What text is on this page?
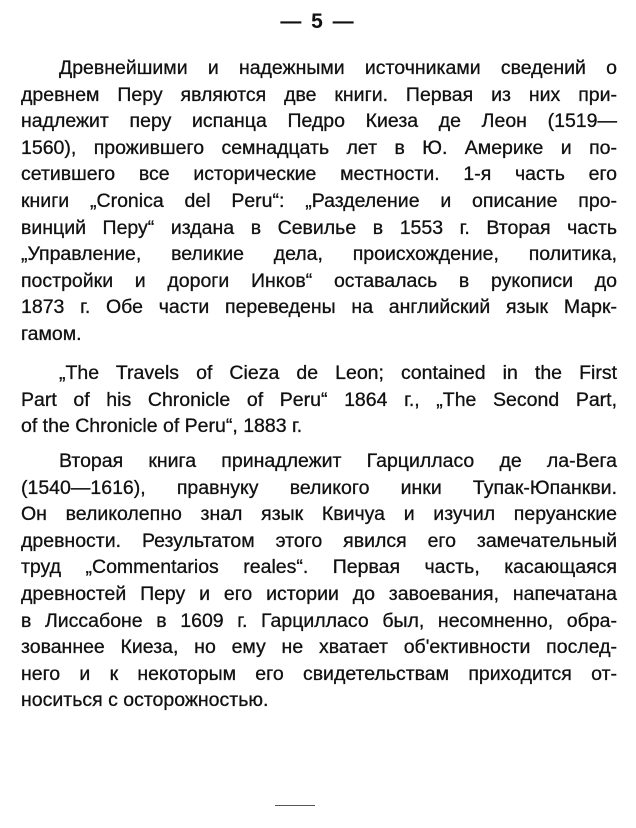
— 5 —
Древнейшими и надежными источниками сведений о
древнем Перу являются две книги. Первая из них при-
надлежит перу испанца Педро Киеза де Леон (1519—
1560), прожившего семнадцать лет в Ю. Америке и по-
сетившего все исторические местности. 1-я часть его
книги „Cronica del Peru“: „Разделение и описание про-
винций Перу“ издана в Севилье в 1553 г. Вторая часть
„Управление, великие дела, происхождение, политика,
постройки и дороги Инков“ оставалась в рукописи до
1873 г. Обе части переведены на английский язык Марк-
гамом.
„The Travels of Cieza de Leon; contained in the First
Part of his Chronicle of Peru“ 1864 г., „The Second Part,
of the Chronicle of Peru“, 1883 г.
Вторая книга принадлежит Гарцилласо де ла-Вега
(1540—1616), правнуку великого инки Тупак-Юпанкви.
Он великолепно знал язык Квичуа и изучил перуанские
древности. Результатом этого явился его замечательный
труд „Commentarios reales“. Первая часть, касающаяся
древностей Перу и его истории до завоевания, напечатана
в Лиссабоне в 1609 г. Гарцилласо был, несомненно, обра-
зованнее Киеза, но ему не хватает об'ективности послед-
него и к некоторым его свидетельствам приходится от-
носиться с осторожностью.
